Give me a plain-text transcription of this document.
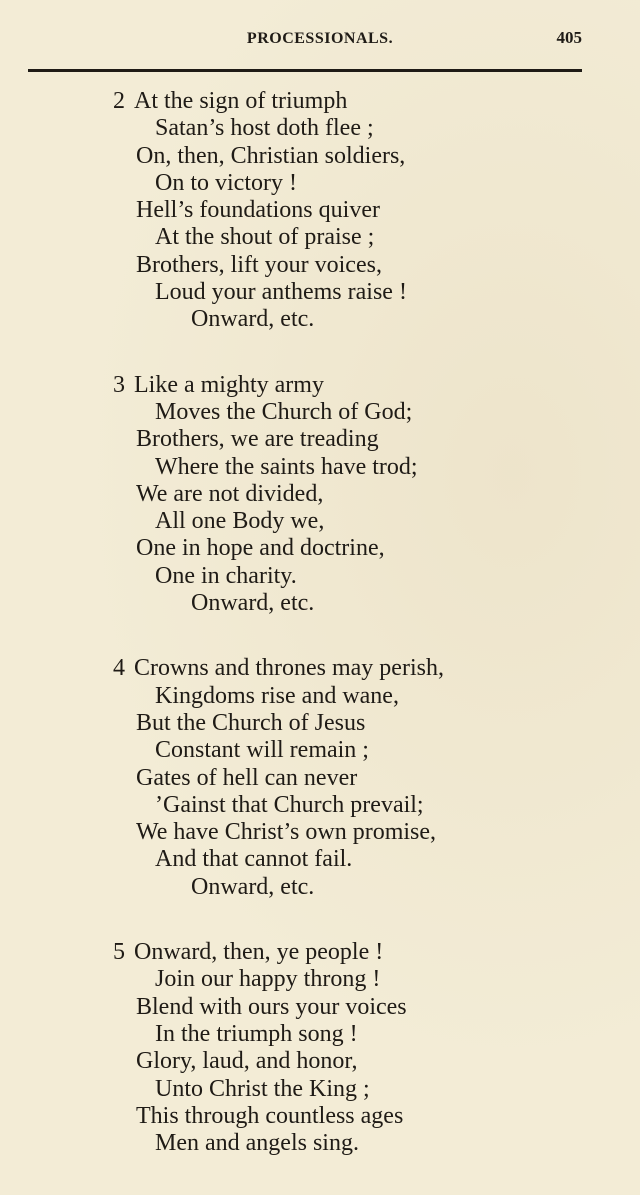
PROCESSIONALS.	405
2 At the sign of triumph
Satan’s host doth flee ;
On, then, Christian soldiers,
On to victory !
Hell’s foundations quiver
At the shout of praise ;
Brothers, lift your voices,
Loud your anthems raise !
Onward, etc.
3 Like a mighty army
Moves the Church of God;
Brothers, we are treading
Where the saints have trod;
We are not divided,
All one Body we,
One in hope and doctrine,
One in charity.
Onward, etc.
4 Crowns and thrones may perish,
Kingdoms rise and wane,
But the Church of Jesus
Constant will remain ;
Gates of hell can never
’Gainst that Church prevail;
We have Christ’s own promise,
And that cannot fail.
Onward, etc.
5 Onward, then, ye people !
Join our happy throng !
Blend with ours your voices
In the triumph song !
Glory, laud, and honor,
Unto Christ the King ;
This through countless ages
Men and angels sing.
